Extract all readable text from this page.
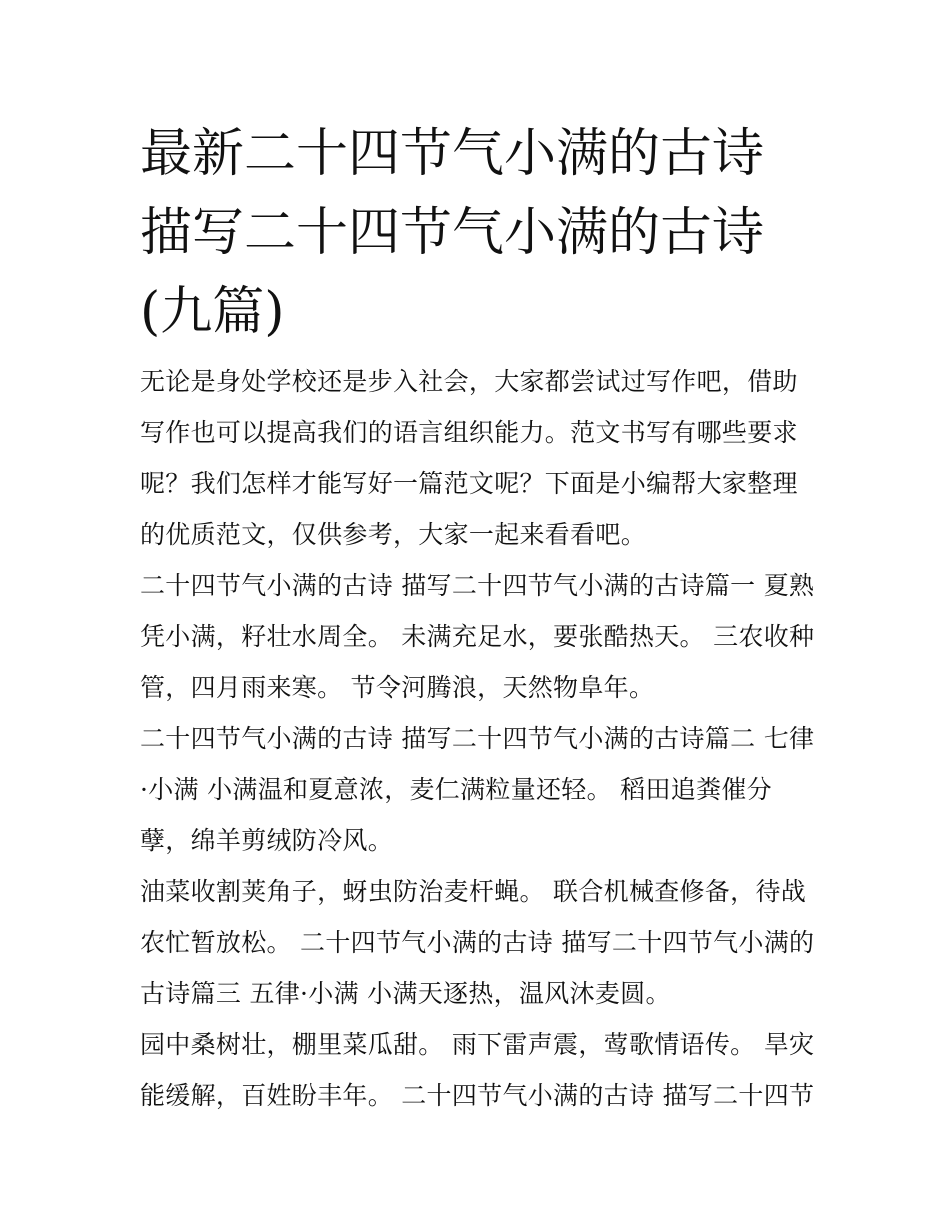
最新二十四节气小满的古诗 描写二十四节气小满的古诗(九篇)

无论是身处学校还是步入社会，大家都尝试过写作吧，借助写作也可以提高我们的语言组织能力。范文书写有哪些要求呢？我们怎样才能写好一篇范文呢？下面是小编帮大家整理的优质范文，仅供参考，大家一起来看看吧。

二十四节气小满的古诗 描写二十四节气小满的古诗篇一 夏熟凭小满，籽壮水周全。 未满充足水，要张酷热天。 三农收种管，四月雨来寒。 节令河腾浪，天然物阜年。

二十四节气小满的古诗 描写二十四节气小满的古诗篇二 七律·小满 小满温和夏意浓，麦仁满粒量还轻。 稻田追粪催分孽，绵羊剪绒防冷风。

油菜收割荚角子，蚜虫防治麦杆蝇。 联合机械查修备，待战农忙暂放松。 二十四节气小满的古诗 描写二十四节气小满的古诗篇三 五律·小满 小满天逐热，温风沐麦圆。

园中桑树壮，棚里菜瓜甜。 雨下雷声震，莺歌情语传。 旱灾能缓解，百姓盼丰年。 二十四节气小满的古诗 描写二十四节
